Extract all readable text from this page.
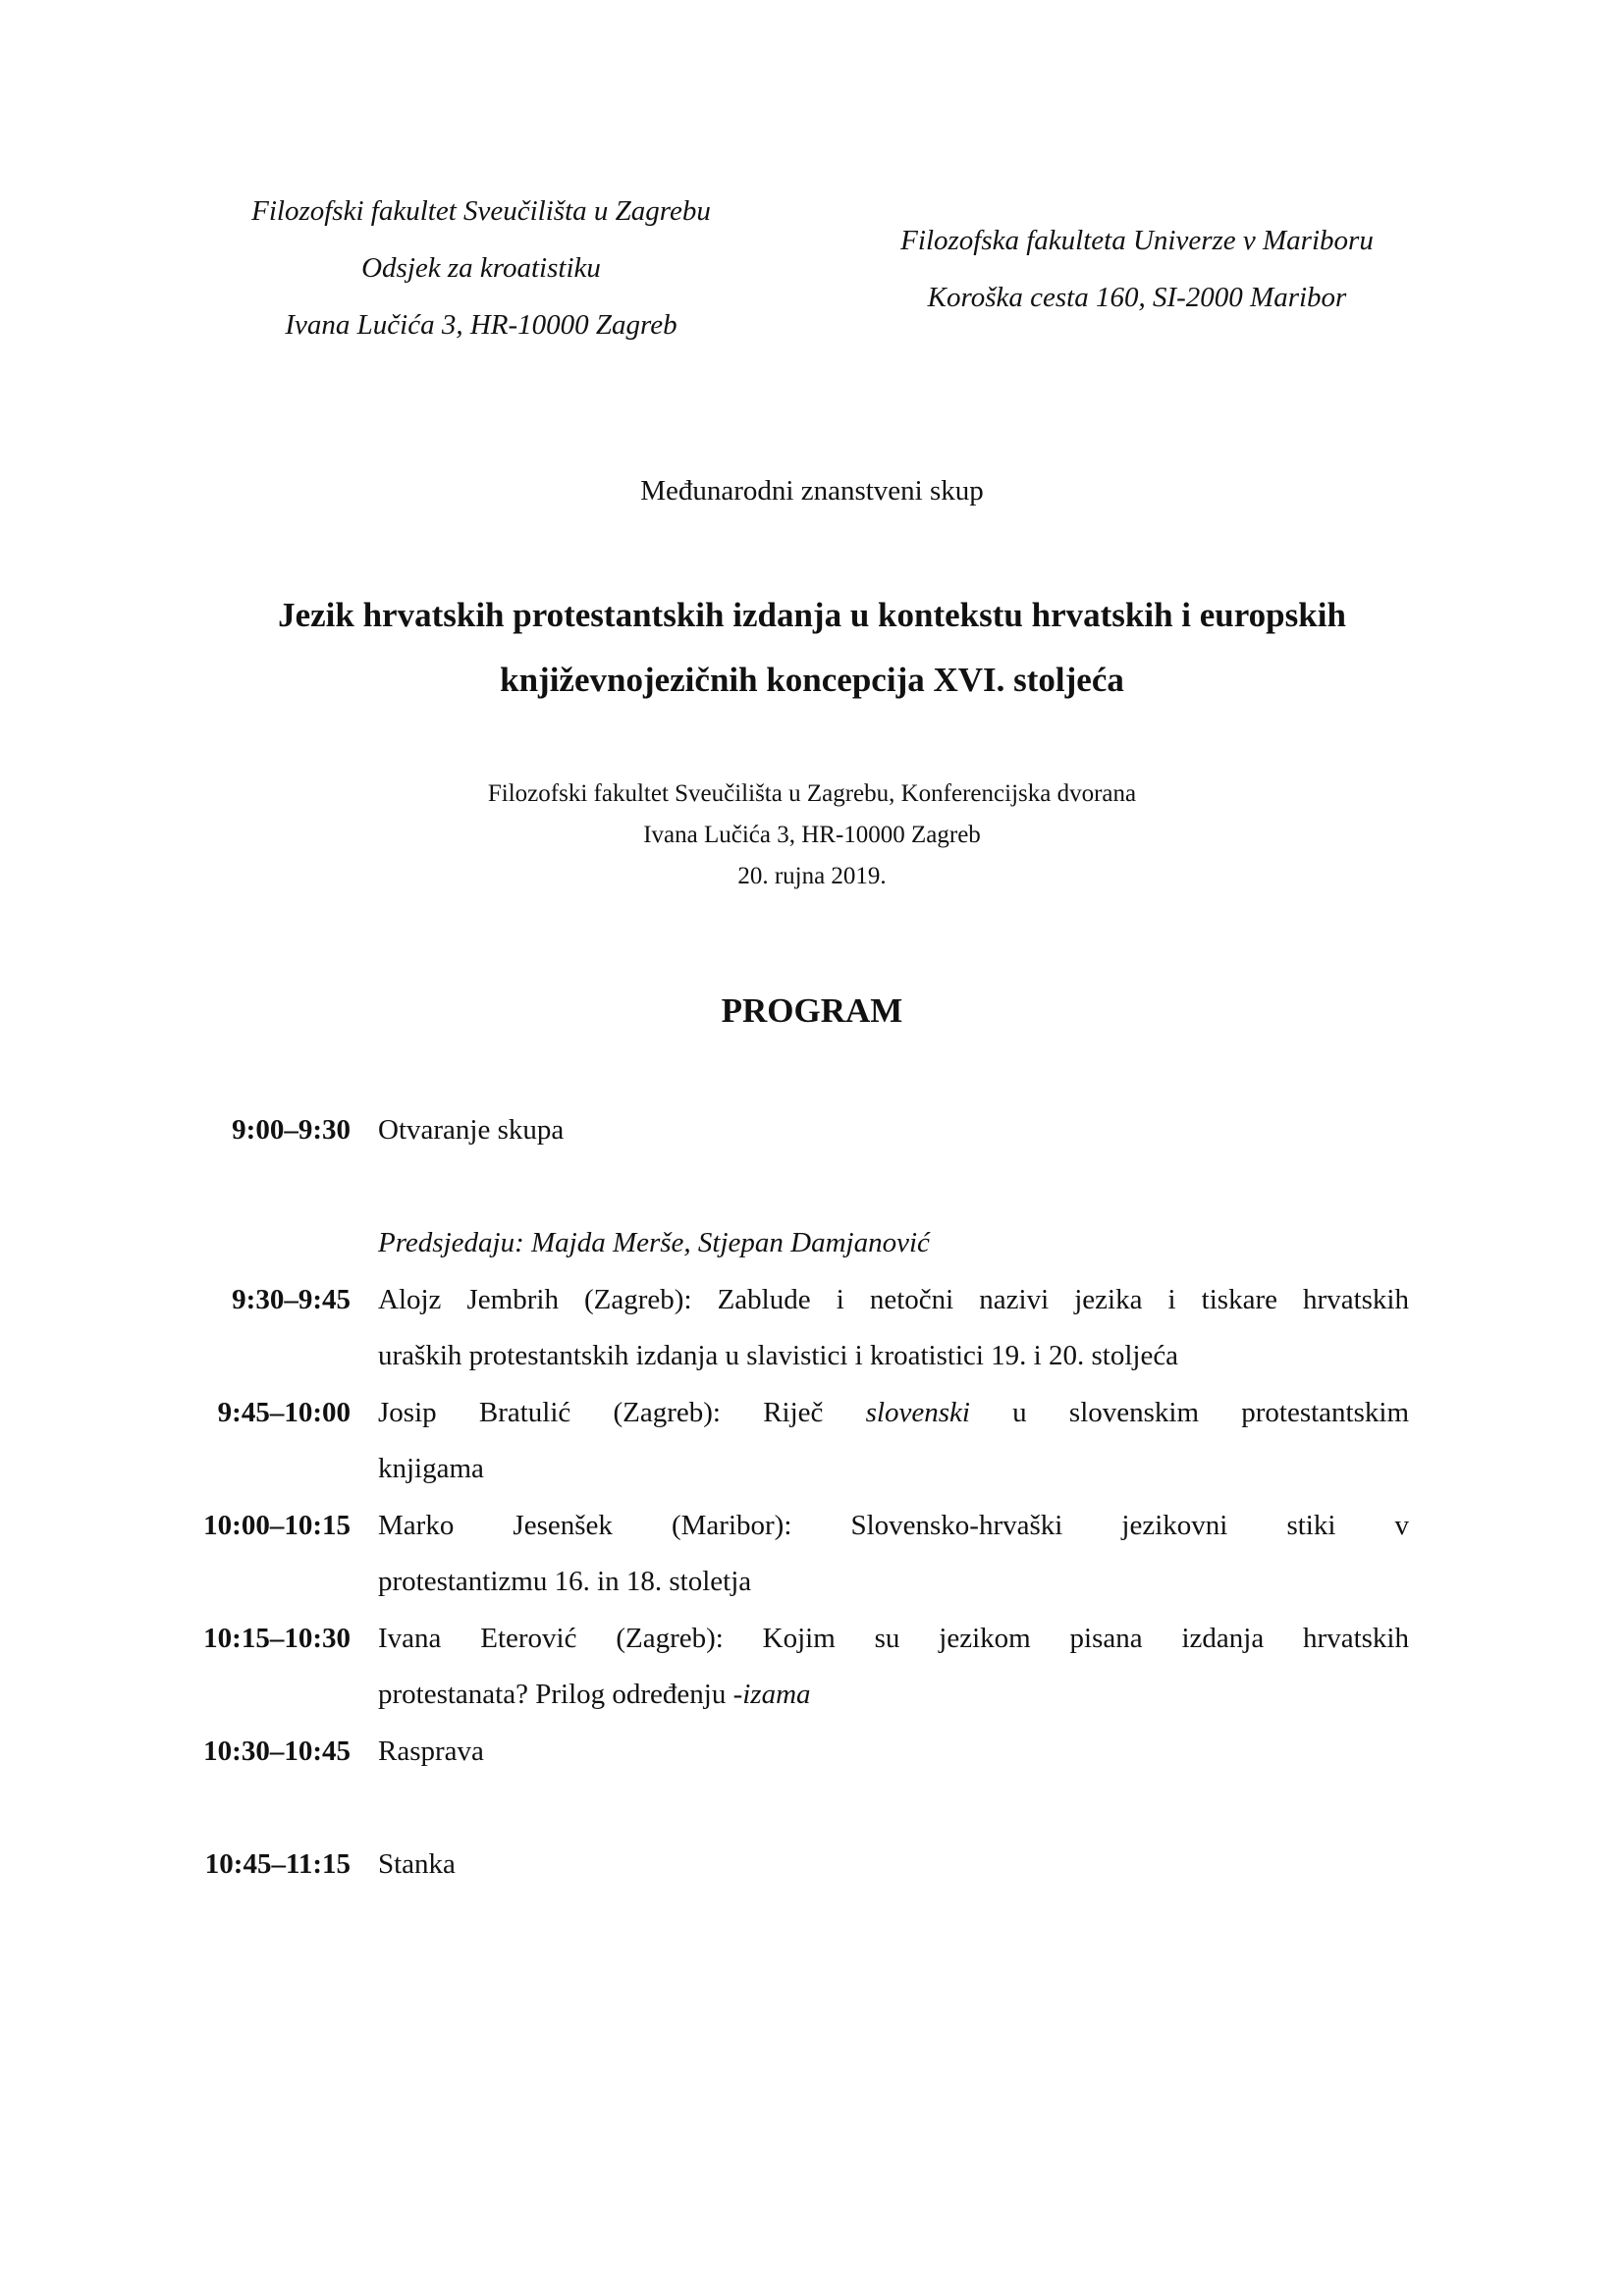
Filozofski fakultet Sveučilišta u Zagrebu
Odsjek za kroatistiku
Ivana Lučića 3, HR-10000 Zagreb
Filozofska fakulteta Univerze v Mariboru
Koroška cesta 160, SI-2000 Maribor
Međunarodni znanstveni skup
Jezik hrvatskih protestantskih izdanja u kontekstu hrvatskih i europskih
književnojezičnih koncepcija XVI. stoljeća
Filozofski fakultet Sveučilišta u Zagrebu, Konferencijska dvorana
Ivana Lučića 3, HR-10000 Zagreb
20. rujna 2019.
PROGRAM
9:00–9:30 Otvaranje skupa
Predsjedaju: Majda Merše, Stjepan Damjanović
9:30–9:45 Alojz Jembrih (Zagreb): Zablude i netočni nazivi jezika i tiskare hrvatskih
uraških protestantskih izdanja u slavistici i kroatistici 19. i 20. stoljeća
9:45–10:00 Josip Bratulić (Zagreb): Riječ slovenski u slovenskim protestantskim
knjigama
10:00–10:15 Marko Jesenšek (Maribor): Slovensko-hrvaški jezikovni stiki v
protestantizmu 16. in 18. stoletja
10:15–10:30 Ivana Eterović (Zagreb): Kojim su jezikom pisana izdanja hrvatskih
protestanata? Prilog određenju -izama
10:30–10:45 Rasprava
10:45–11:15 Stanka
